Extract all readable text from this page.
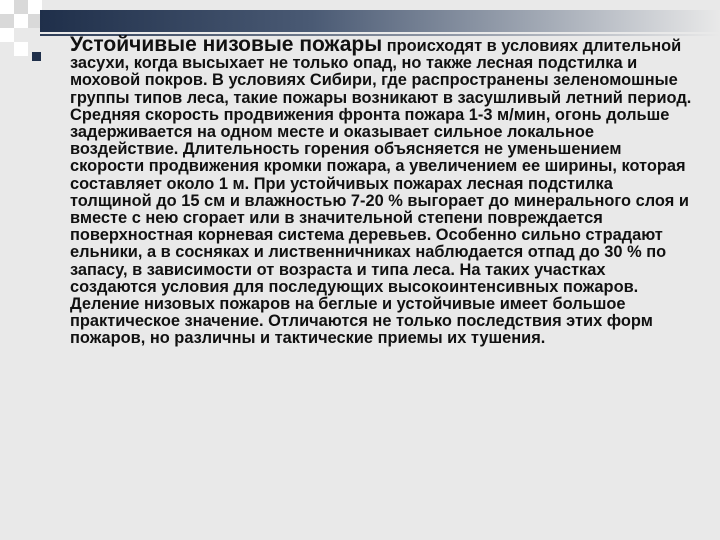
Устойчивые низовые пожары происходят в условиях длительной засухи, когда высыхает не только опад, но также лесная подстилка и моховой покров. В условиях Сибири, где распространены зеленомошные группы типов леса, такие пожары возникают в засушливый летний период. Средняя скорость продвижения фронта пожара 1-3 м/мин, огонь дольше задерживается на одном месте и оказывает сильное локальное воздействие. Длительность горения объясняется не уменьшением скорости продвижения кромки пожара, а увеличением ее ширины, которая составляет около 1 м. При устойчивых пожарах лесная подстилка толщиной до 15 см и влажностью 7-20 % выгорает до минерального слоя и вместе с нею сгорает или в значительной степени повреждается поверхностная корневая система деревьев. Особенно сильно страдают ельники, а в сосняках и лиственничниках наблюдается отпад до 30 % по запасу, в зависимости от возраста и типа леса. На таких участках создаются условия для последующих высокоинтенсивных пожаров. Деление низовых пожаров на беглые и устойчивые имеет большое практическое значение. Отличаются не только последствия этих форм пожаров, но различны и тактические приемы их тушения.
